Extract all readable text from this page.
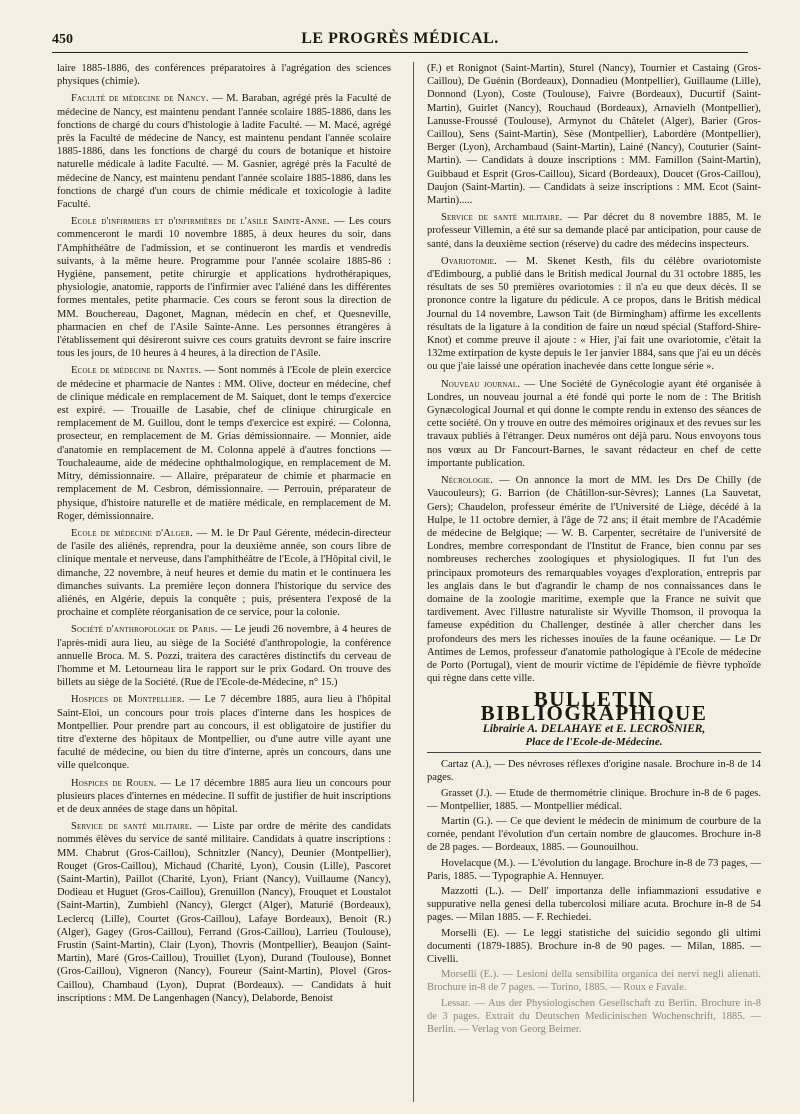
450	LE PROGRÈS MÉDICAL.

laire 1885-1886, des conférences préparatoires à l'agrégation des sciences physiques (chimie).

Faculté de médecine de Nancy. — M. Baraban, agrégé près la Faculté de médecine de Nancy, est maintenu pendant l'année scolaire 1885-1886, dans les fonctions de chargé du cours d'histologie à ladite Faculté. — M. Macé, agrégé près la Faculté de médecine de Nancy, est maintenu pendant l'année scolaire 1885-1886, dans les fonctions de chargé du cours de botanique et histoire naturelle médicale à ladite Faculté. — M. Gasnier, agrégé près la Faculté de médecine de Nancy, est maintenu pendant l'année scolaire 1885-1886, dans les fonctions de chargé d'un cours de chimie médicale et toxicologie à ladite Faculté.

Ecole d'infirmiers et d'infirmières de l'asile Sainte-Anne. — Les cours commenceront le mardi 10 novembre 1885, à deux heures du soir, dans l'Amphithéâtre de l'admission, et se continueront les mardis et vendredis suivants, à la même heure. Programme pour l'année scolaire 1885-86 : Hygiène, pansement, petite chirurgie et applications hydrothérapiques, physiologie, anatomie, rapports de l'infirmier avec l'aliéné dans les différentes formes mentales, petite pharmacie. Ces cours se feront sous la direction de MM. Bouchereau, Dagonet, Magnan, médecin en chef, et Quesneville, pharmacien en chef de l'Asile Sainte-Anne. Les personnes étrangères à l'établissement qui désireront suivre ces cours gratuits devront se faire inscrire tous les jours, de 10 heures à 4 heures, à la direction de l'Asile.

Ecole de médecine de Nantes. — Sont nommés à l'Ecole de plein exercice de médecine et pharmacie de Nantes : MM. Olive, docteur en médecine, chef de clinique médicale en remplacement de M. Saiquet, dont le temps d'exercice est expiré. — Trouaille de Lasabie, chef de clinique chirurgicale en remplacement de M. Guillou, dont le temps d'exercice est expiré. — Colonna, prosecteur, en remplacement de M. Grias démissionnaire. — Monnier, aide d'anatomie en remplacement de M. Colonna appelé à d'autres fonctions — Touchaleaume, aide de médecine ophthalmologique, en remplacement de M. Mitry, démissionnaire. — Allaire, préparateur de chimie et pharmacie en remplacement de M. Cesbron, démissionnaire. — Perrouin, préparateur de physique, d'histoire naturelle et de matière médicale, en remplacement de M. Roger, démissionnaire.

Ecole de médecine d'Alger. — M. le Dr Paul Gérente, médecin-directeur de l'asile des aliénés, reprendra, pour la deuxième année, son cours libre de clinique mentale et nerveuse, dans l'amphithéâtre de l'Ecole, à l'Hôpital civil, le dimanche, 22 novembre, à neuf heures et demie du matin et le continuera les dimanches suivants. La première leçon donnera l'historique du service des aliénés, en Algérie, depuis la conquête ; puis, présentera l'exposé de la prochaine et complète réorganisation de ce service, pour la colonie.

Société d'anthropologie de Paris. — Le jeudi 26 novembre, à 4 heures de l'après-midi aura lieu, au siège de la Société d'anthropologie, la conférence annuelle Broca. M. S. Pozzi, traitera des caractères distinctifs du cerveau de l'homme et M. Letourneau lira le rapport sur le prix Godard. On trouve des billets au siège de la Société. (Rue de l'Ecole-de-Médecine, n° 15.)

Hospices de Montpellier. — Le 7 décembre 1885, aura lieu à l'hôpital Saint-Eloi, un concours pour trois places d'interne dans les hospices de Montpellier. Pour prendre part au concours, il est obligatoire de justifier du titre d'externe des hôpitaux de Montpellier, ou d'une autre ville ayant une faculté de médecine, ou bien du titre d'interne, après un concours, dans une ville quelconque.

Hospices de Rouen. — Le 17 décembre 1885 aura lieu un concours pour plusieurs places d'internes en médecine. Il suffit de justifier de huit inscriptions et de deux années de stage dans un hôpital.

Service de santé militaire. — Liste par ordre de mérite des candidats nommés élèves du service de santé militaire. Candidats à quatre inscriptions : MM. Chabrut (Gros-Caillou), Schnitzler (Nancy), Deunier (Montpellier), Rouget (Gros-Caillou), Michaud (Charité, Lyon), Cousin (Lille), Pascoret (Saint-Martin), Paillot (Charité, Lyon), Friant (Nancy), Vuillaume (Nancy), Dodieau et Huguet (Gros-Caillou), Grenuillon (Nancy), Frouquet et Loustalot (Saint-Martin), Zumbiehl (Nancy), Glergct (Alger), Maturié (Bordeaux), Leclercq (Lille), Courtet (Gros-Caillou), Lafaye Bordeaux), Benoit (R.) (Alger), Gagey (Gros-Caillou), Ferrand (Gros-Caillou), Larrieu (Toulouse), Frustin (Saint-Martin), Clair (Lyon), Thovris (Montpellier), Beaujon (Saint-Martin), Maré (Gros-Caillou), Trouillet (Lyon), Durand (Toulouse), Bonnet (Gros-Caillou), Vigneron (Nancy), Foureur (Saint-Martin), Plovel (Gros-Caillou), Chambaud (Lyon), Duprat (Bordeaux). — Candidats à huit inscriptions : MM. De Langenhagen (Nancy), Delaborde, Benoist

(F.) et Ronignot (Saint-Martin), Sturel (Nancy), Tournier et Castaing (Gros-Caillou), De Guénin (Bordeaux), Donnadieu (Montpellier), Guillaume (Lille), Donnond (Lyon), Coste (Toulouse), Faivre (Bordeaux), Ducurtif (Saint-Martin), Guirlet (Nancy), Rouchaud (Bordeaux), Arnavielh (Montpellier), Lanusse-Froussé (Toulouse), Armynot du Châtelet (Alger), Barier (Gros-Caillou), Sens (Saint-Martin), Sèse (Montpellier), Labordère (Montpellier), Berger (Lyon), Archambaud (Saint-Martin), Lainé (Nancy), Couturier (Saint-Martin). — Candidats à douze inscriptions : MM. Famillon (Saint-Martin), Guibbaud et Esprit (Gros-Caillou), Sicard (Bordeaux), Doucet (Gros-Caillou), Daujon (Saint-Martin). — Candidats à seize inscriptions : MM. Ecot (Saint-Martin).....

Service de santé militaire. — Par décret du 8 novembre 1885, M. le professeur Villemin, a été sur sa demande placé par anticipation, pour cause de santé, dans la deuxième section (réserve) du cadre des médecins inspecteurs.

Ovariotomie. — M. Skenet Kesth, fils du célèbre ovariotomiste d'Edimbourg, a publié dans le British medical Journal du 31 octobre 1885, les résultats de ses 50 premières ovariotomies : il n'a eu que deux décès. Il se prononce contre la ligature du pédicule. A ce propos, dans le British médical Journal du 14 novembre, Lawson Tait (de Birmingham) affirme les excellents résultats de la ligature à la condition de faire un nœud spécial (Stafford-Shire-Knot) et comme preuve il ajoute : « Hier, j'ai fait une ovariotomie, c'était la 132me extirpation de kyste depuis le 1er janvier 1884, sans que j'ai eu un décès ou que j'aie laissé une opération inachevée dans cette longue série ».

Nouveau journal. — Une Société de Gynécologie ayant été organisée à Londres, un nouveau journal a été fondé qui porte le nom de : The British Gynæcological Journal et qui donne le compte rendu in extenso des séances de cette société. On y trouve en outre des mémoires originaux et des revues sur les travaux publiés à l'étranger. Deux numéros ont déjà paru. Nous envoyons tous nos vœux au Dr Fancourt-Barnes, le savant rédacteur en chef de cette importante publication.

Nécrologie. — On annonce la mort de MM. les Drs De Chilly (de Vaucouleurs); G. Barrion (de Châtillon-sur-Sèvres); Lannes (La Sauvetat, Gers); Chaudelon, professeur émérite de l'Université de Liège, décédé à la Hulpe, le 11 octobre dernier, à l'âge de 72 ans; il était membre de l'Académie de médecine de Belgique; — W. B. Carpenter, secrétaire de l'université de Londres, membre correspondant de l'Institut de France, bien connu par ses nombreuses recherches zoologiques et physiologiques. Il fut l'un des principaux promoteurs des remarquables voyages d'exploration, entrepris par les anglais dans le but d'agrandir le champ de nos connaissances dans le domaine de la zoologie maritime, exemple que la France ne suivit que tardivement. Avec l'illustre naturaliste sir Wyville Thomson, il provoqua la fameuse expédition du Challenger, destinée à aller chercher dans les profondeurs des mers les richesses inouïes de la faune océanique. — Le Dr Antimes de Lemos, professeur d'anatomie pathologique à l'Ecole de médecine de Porto (Portugal), vient de mourir victime de l'épidémie de fièvre typhoïde qui règne dans cette ville.

BULLETIN BIBLIOGRAPHIQUE
Librairie A. DELAHAYE et E. LECROSNIER,
Place de l'Ecole-de-Médecine.

Cartaz (A.), — Des névroses réflexes d'origine nasale. Brochure in-8 de 14 pages.

Grasset (J.). — Etude de thermométrie clinique. Brochure in-8 de 6 pages. — Montpellier, 1885. — Montpellier médical.

Martin (G.). — Ce que devient le médecin de minimum de courbure de la cornée, pendant l'évolution d'un certain nombre de glaucomes. Brochure in-8 de 28 pages. — Bordeaux, 1885. — Gounouilhou.

Hovelacque (M.). — L'évolution du langage. Brochure in-8 de 73 pages, — Paris, 1885. — Typographie A. Hennuyer.

Mazzotti (L.). — Dell' importanza delle infiammazioni essudative e suppurative nella genesi della tubercolosi miliare acuta. Brochure in-8 de 54 pages. — Milan 1885. — F. Rechiedei.

Morselli (E). — Le leggi statistiche del suicidio segondo gli ultimi documenti (1879-1885). Brochure in-8 de 90 pages. — Milan, 1885. — Civelli.

Morselli (E.). — Lesioni della sensibilita organica dei nervi negli alienati. Brochure in-8 de 7 pages. — Torino, 1885. — Roux e Favale.

Lessar. — Aus der Physiologischen Gesellschaft zu Berlin. Brochure in-8 de 3 pages. Extrait du Deutschen Medicinischen Wochenschrift, 1885. — Berlin. — Verlag von Georg Beimer.
